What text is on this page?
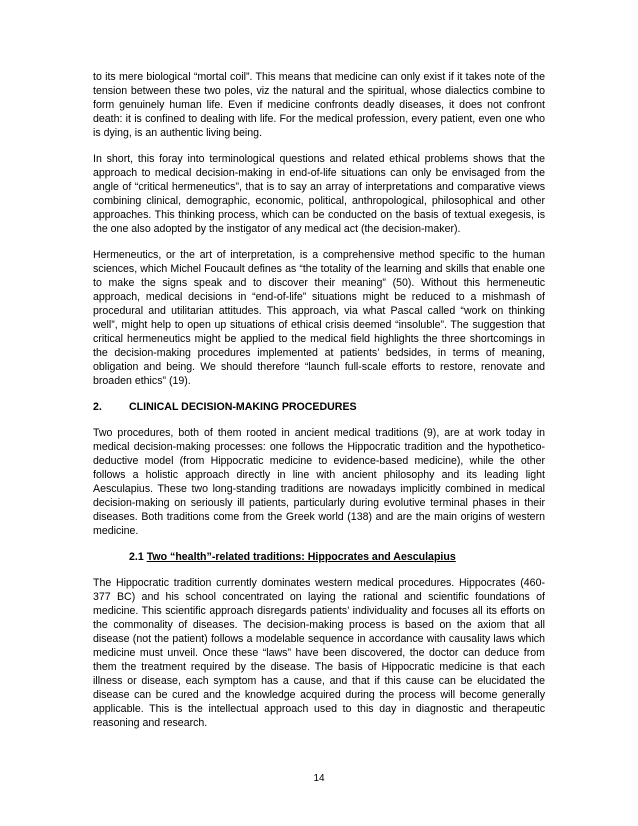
to its mere biological “mortal coil”. This means that medicine can only exist if it takes note of the tension between these two poles, viz the natural and the spiritual, whose dialectics combine to form genuinely human life. Even if medicine confronts deadly diseases, it does not confront death: it is confined to dealing with life. For the medical profession, every patient, even one who is dying, is an authentic living being.

In short, this foray into terminological questions and related ethical problems shows that the approach to medical decision-making in end-of-life situations can only be envisaged from the angle of “critical hermeneutics”, that is to say an array of interpretations and comparative views combining clinical, demographic, economic, political, anthropological, philosophical and other approaches. This thinking process, which can be conducted on the basis of textual exegesis, is the one also adopted by the instigator of any medical act (the decision-maker).

Hermeneutics, or the art of interpretation, is a comprehensive method specific to the human sciences, which Michel Foucault defines as “the totality of the learning and skills that enable one to make the signs speak and to discover their meaning” (50). Without this hermeneutic approach, medical decisions in “end-of-life” situations might be reduced to a mishmash of procedural and utilitarian attitudes. This approach, via what Pascal called “work on thinking well”, might help to open up situations of ethical crisis deemed “insoluble”. The suggestion that critical hermeneutics might be applied to the medical field highlights the three shortcomings in the decision-making procedures implemented at patients’ bedsides, in terms of meaning, obligation and being. We should therefore “launch full-scale efforts to restore, renovate and broaden ethics” (19).

2.	CLINICAL DECISION-MAKING PROCEDURES

Two procedures, both of them rooted in ancient medical traditions (9), are at work today in medical decision-making processes: one follows the Hippocratic tradition and the hypothetico-deductive model (from Hippocratic medicine to evidence-based medicine), while the other follows a holistic approach directly in line with ancient philosophy and its leading light Aesculapius. These two long-standing traditions are nowadays implicitly combined in medical decision-making on seriously ill patients, particularly during evolutive terminal phases in their diseases. Both traditions come from the Greek world (138) and are the main origins of western medicine.

2.1 Two “health”-related traditions: Hippocrates and Aesculapius

The Hippocratic tradition currently dominates western medical procedures. Hippocrates (460-377 BC) and his school concentrated on laying the rational and scientific foundations of medicine. This scientific approach disregards patients’ individuality and focuses all its efforts on the commonality of diseases. The decision-making process is based on the axiom that all disease (not the patient) follows a modelable sequence in accordance with causality laws which medicine must unveil. Once these “laws” have been discovered, the doctor can deduce from them the treatment required by the disease. The basis of Hippocratic medicine is that each illness or disease, each symptom has a cause, and that if this cause can be elucidated the disease can be cured and the knowledge acquired during the process will become generally applicable. This is the intellectual approach used to this day in diagnostic and therapeutic reasoning and research.

14
